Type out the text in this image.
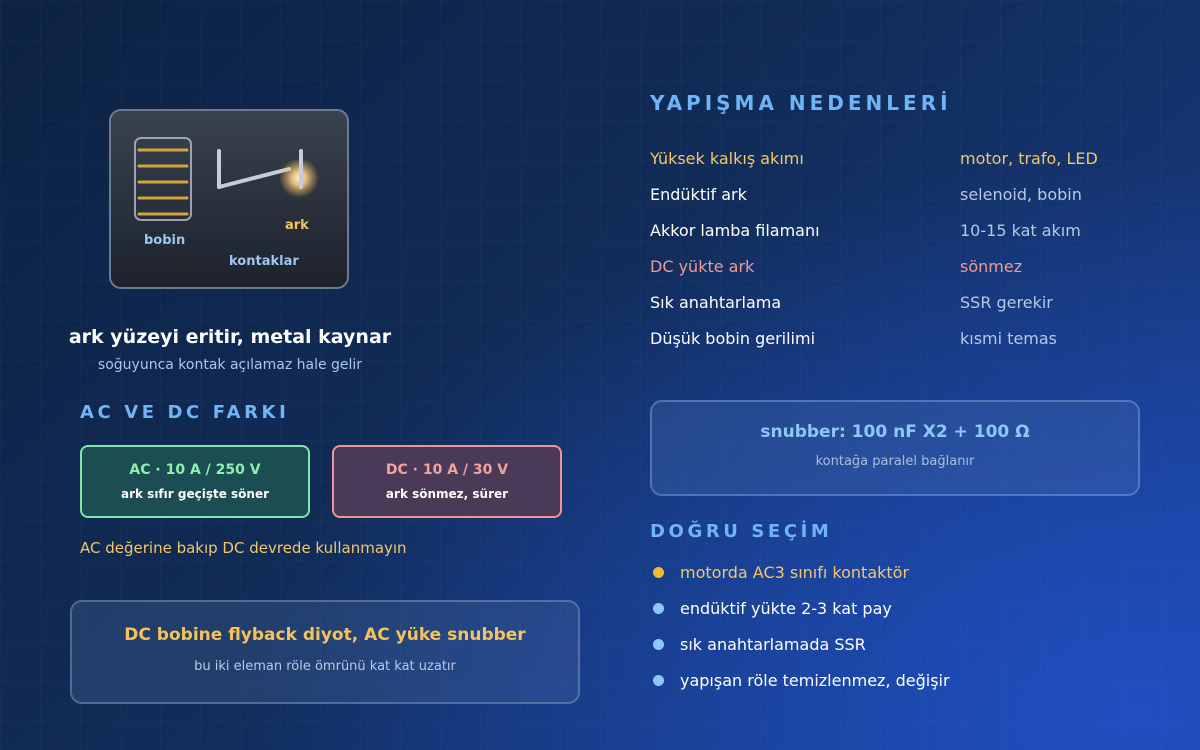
bobin
ark
kontaklar
ark yüzeyi eritir, metal kaynar
soğuyunca kontak açılamaz hale gelir
AC VE DC FARKI
AC · 10 A / 250 V
ark sıfır geçişte söner
DC · 10 A / 30 V
ark sönmez, sürer
AC değerine bakıp DC devrede kullanmayın
DC bobine flyback diyot, AC yüke snubber
bu iki eleman röle ömrünü kat kat uzatır
YAPIŞMA NEDENLERİ
Yüksek kalkış akımı	motor, trafo, LED
Endüktif ark	selenoid, bobin
Akkor lamba filamanı	10-15 kat akım
DC yükte ark	sönmez
Sık anahtarlama	SSR gerekir
Düşük bobin gerilimi	kısmi temas
snubber: 100 nF X2 + 100 Ω
kontağa paralel bağlanır
DOĞRU SEÇİM
motorda AC3 sınıfı kontaktör
endüktif yükte 2-3 kat pay
sık anahtarlamada SSR
yapışan röle temizlenmez, değişir
